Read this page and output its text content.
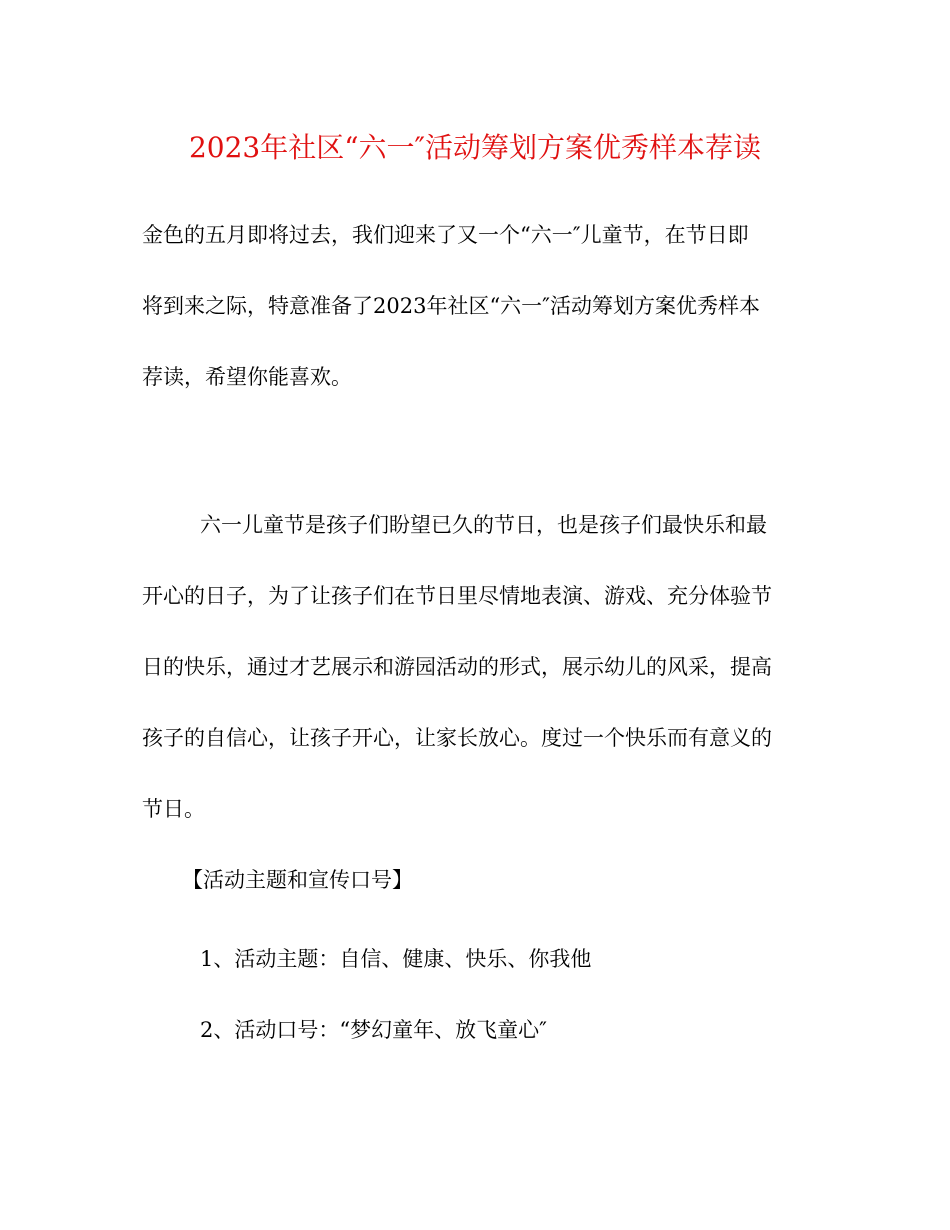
2023年社区“六一″活动筹划方案优秀样本荐读
金色的五月即将过去，我们迎来了又一个“六一″儿童节，在节日即
将到来之际，特意准备了2023年社区“六一″活动筹划方案优秀样本
荐读，希望你能喜欢。
六一儿童节是孩子们盼望已久的节日，也是孩子们最快乐和最
开心的日子，为了让孩子们在节日里尽情地表演、游戏、充分体验节
日的快乐，通过才艺展示和游园活动的形式，展示幼儿的风采，提高
孩子的自信心，让孩子开心，让家长放心。度过一个快乐而有意义的
节日。
【活动主题和宣传口号】
1、活动主题：自信、健康、快乐、你我他
2、活动口号：“梦幻童年、放飞童心″
